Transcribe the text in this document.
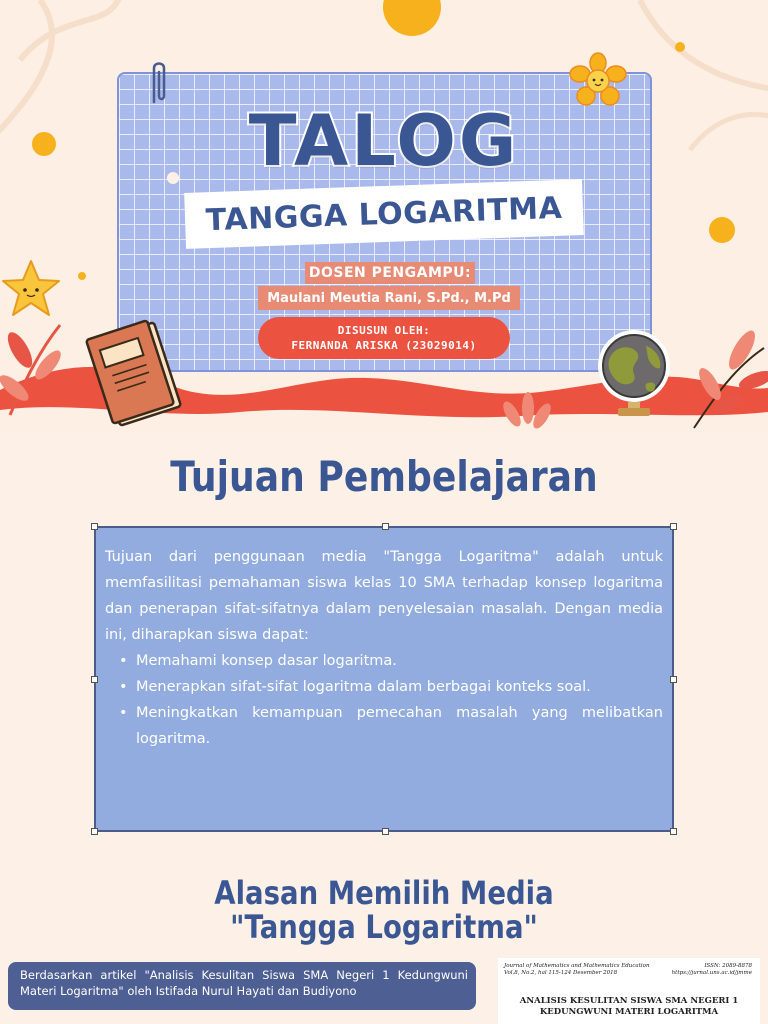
TALOG
TANGGA LOGARITMA
DOSEN PENGAMPU:
Maulani Meutia Rani, S.Pd., M.Pd
DISUSUN OLEH:
FERNANDA ARISKA (23029014)
Tujuan Pembelajaran

Tujuan dari penggunaan media "Tangga Logaritma" adalah untuk memfasilitasi pemahaman siswa kelas 10 SMA terhadap konsep logaritma dan penerapan sifat-sifatnya dalam penyelesaian masalah. Dengan media ini, diharapkan siswa dapat:

• Memahami konsep dasar logaritma.
• Menerapkan sifat-sifat logaritma dalam berbagai konteks soal.
• Meningkatkan kemampuan pemecahan masalah yang melibatkan logaritma.
Alasan Memilih Media
"Tangga Logaritma"
Berdasarkan artikel "Analisis Kesulitan Siswa SMA Negeri 1 Kedungwuni Materi Logaritma" oleh Istifada Nurul Hayati dan Budiyono
Journal of Mathematics and Mathematics Education
Vol.8, No.2, hal 115-124 Desember 2018
ISSN: 2089-8878
https://jurnal.uns.ac.id/jmme
ANALISIS KESULITAN SISWA SMA NEGERI 1
KEDUNGWUNI MATERI LOGARITMA
